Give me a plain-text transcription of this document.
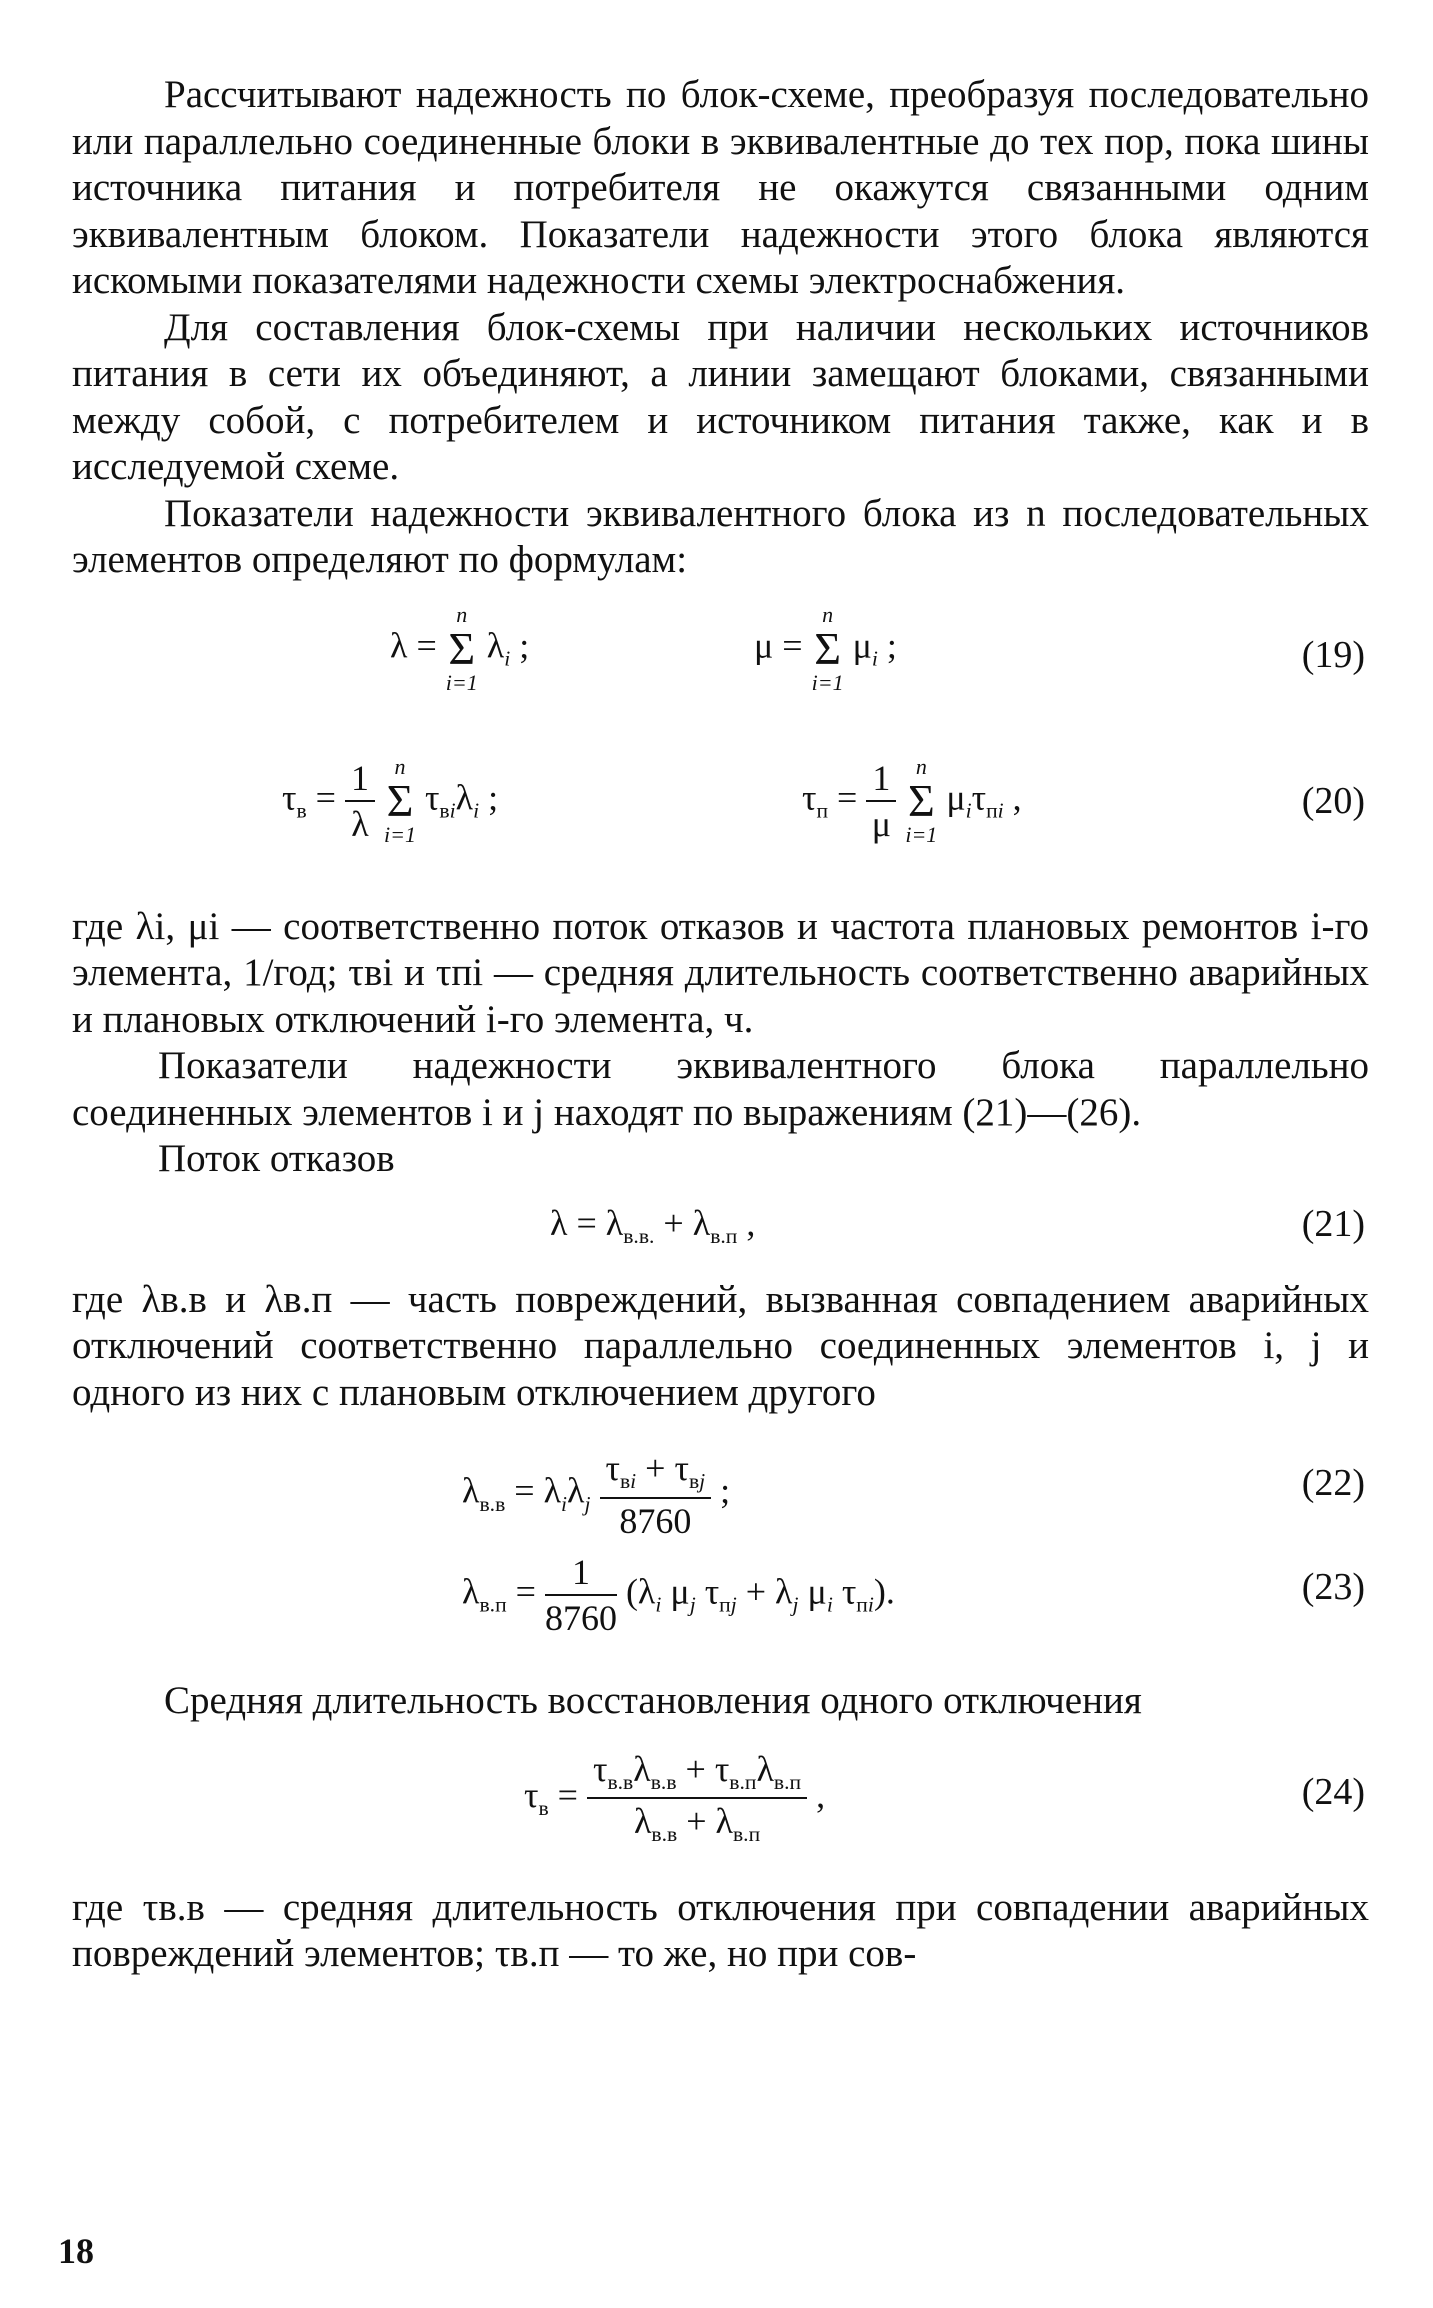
Рассчитывают надежность по блок-схеме, преобразуя последовательно или параллельно соединенные блоки в эквивалентные до тех пор, пока шины источника питания и потребителя не окажутся связанными одним эквивалентным блоком. Показатели надежности этого блока являются искомыми показателями надежности схемы электроснабжения.

Для составления блок-схемы при наличии нескольких источников питания в сети их объединяют, а линии замещают блоками, связанными между собой, с потребителем и источником питания также, как и в исследуемой схеме.

Показатели надежности эквивалентного блока из n последовательных элементов определяют по формулам:

λ =
n
Σ
i=1
$\lambda_i$ ;	μ =
n
Σ
i=1
$\mu_i$ ;	(19)
$\tau_в = \frac{1}{\lambda}$
n
Σ
i=1
$\tau_{вi}\lambda_i$ ;	$\tau_п = \frac{1}{\mu}$
n
Σ
i=1
$\mu_i\tau_{пi}$ ,	(20)

где λi, μi — соответственно поток отказов и частота плановых ремонтов i-го элемента, 1/год; τвi и τпi — средняя длительность соответственно аварийных и плановых отключений i-го элемента, ч.

Показатели надежности эквивалентного блока параллельно соединенных элементов i и j находят по выражениям (21)—(26).

Поток отказов

$\lambda = \lambda_{в.в.} + \lambda_{в.п}$ ,	(21)

где λв.в и λв.п — часть повреждений, вызванная совпадением аварийных отключений соответственно параллельно соединенных элементов i, j и одного из них с плановым отключением другого

$\lambda_{в.в} = \lambda_i\lambda_j \frac{\tau_{вi} + \tau_{вj}}{8760}$ ;	(22)
$\lambda_{в.п} = \frac{1}{8760} (\lambda_i$ $\mu_j$ $\tau_{пj} + \lambda_j$ $\mu_i$ $\tau_{пi}$).	(23)

Средняя длительность восстановления одного отключения

$\tau_в = \frac{\tau_{в.в}\lambda_{в.в} + \tau_{в.п}\lambda_{в.п}}{\lambda_{в.в} + \lambda_{в.п}}$ ,	(24)

где τв.в — средняя длительность отключения при совпадении аварийных повреждений элементов; τв.п — то же, но при сов-

18
